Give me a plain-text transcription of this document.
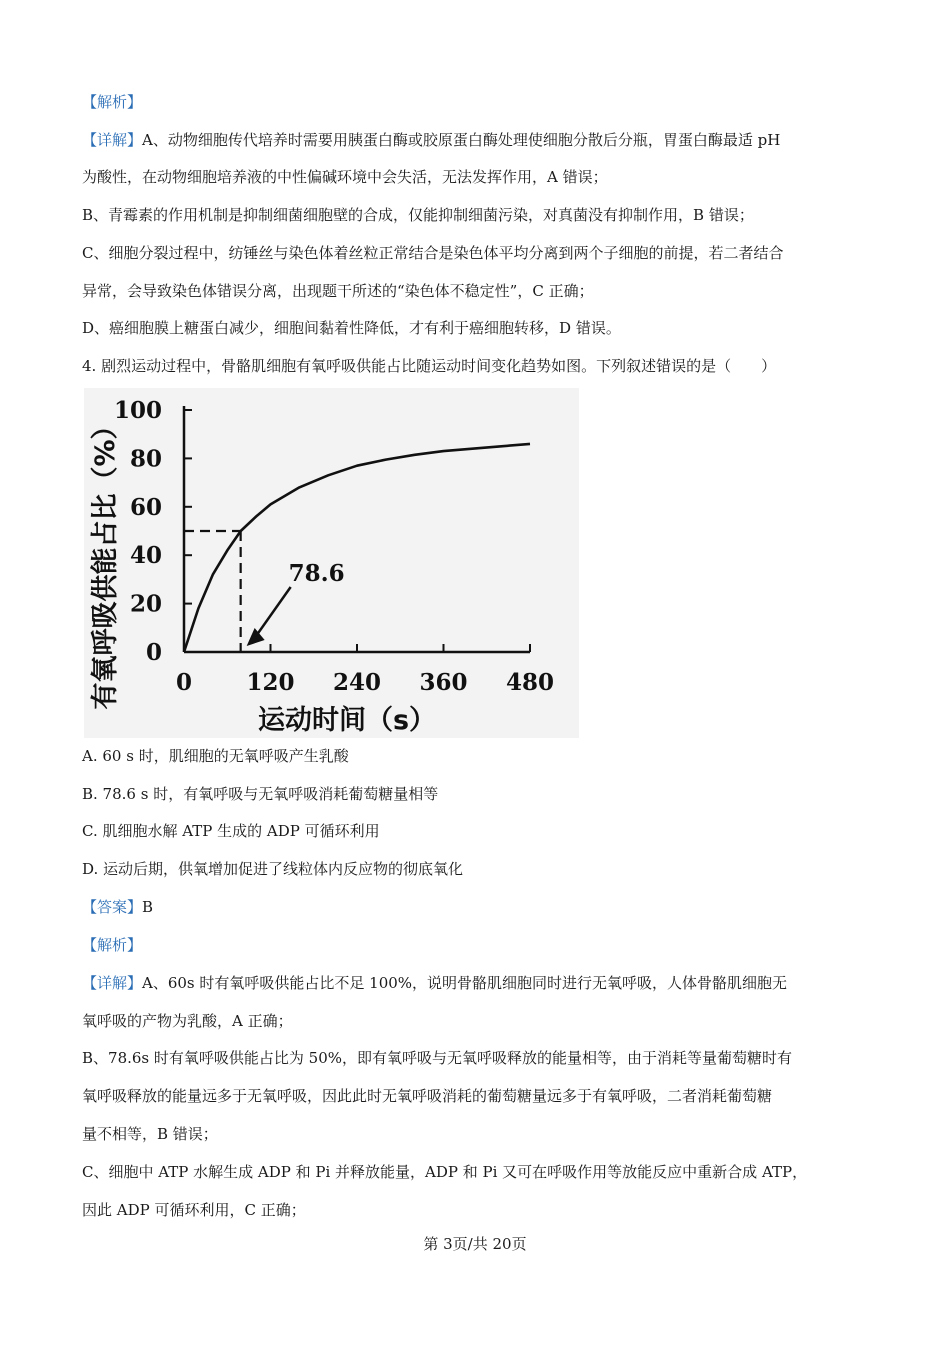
【解析】
【详解】A、动物细胞传代培养时需要用胰蛋白酶或胶原蛋白酶处理使细胞分散后分瓶，胃蛋白酶最适 pH
为酸性，在动物细胞培养液的中性偏碱环境中会失活，无法发挥作用，A 错误；
B、青霉素的作用机制是抑制细菌细胞壁的合成，仅能抑制细菌污染，对真菌没有抑制作用，B 错误；
C、细胞分裂过程中，纺锤丝与染色体着丝粒正常结合是染色体平均分离到两个子细胞的前提，若二者结合
异常，会导致染色体错误分离，出现题干所述的“染色体不稳定性”，C 正确；
D、癌细胞膜上糖蛋白减少，细胞间黏着性降低，才有利于癌细胞转移，D 错误。
4. 剧烈运动过程中，骨骼肌细胞有氧呼吸供能占比随运动时间变化趋势如图。下列叙述错误的是（　　）
0
20
40
60
80
100
0 120 240 360 480
78.6
运动时间（s）
有氧呼吸供能占比（%）
A. 60 s 时，肌细胞的无氧呼吸产生乳酸
B. 78.6 s 时，有氧呼吸与无氧呼吸消耗葡萄糖量相等
C. 肌细胞水解 ATP 生成的 ADP 可循环利用
D. 运动后期，供氧增加促进了线粒体内反应物的彻底氧化
【答案】B
【解析】
【详解】A、60s 时有氧呼吸供能占比不足 100%，说明骨骼肌细胞同时进行无氧呼吸，人体骨骼肌细胞无
氧呼吸的产物为乳酸，A 正确；
B、78.6s 时有氧呼吸供能占比为 50%，即有氧呼吸与无氧呼吸释放的能量相等，由于消耗等量葡萄糖时有
氧呼吸释放的能量远多于无氧呼吸，因此此时无氧呼吸消耗的葡萄糖量远多于有氧呼吸，二者消耗葡萄糖
量不相等，B 错误；
C、细胞中 ATP 水解生成 ADP 和 Pi 并释放能量，ADP 和 Pi 又可在呼吸作用等放能反应中重新合成 ATP，
因此 ADP 可循环利用，C 正确；
第 3页/共 20页
